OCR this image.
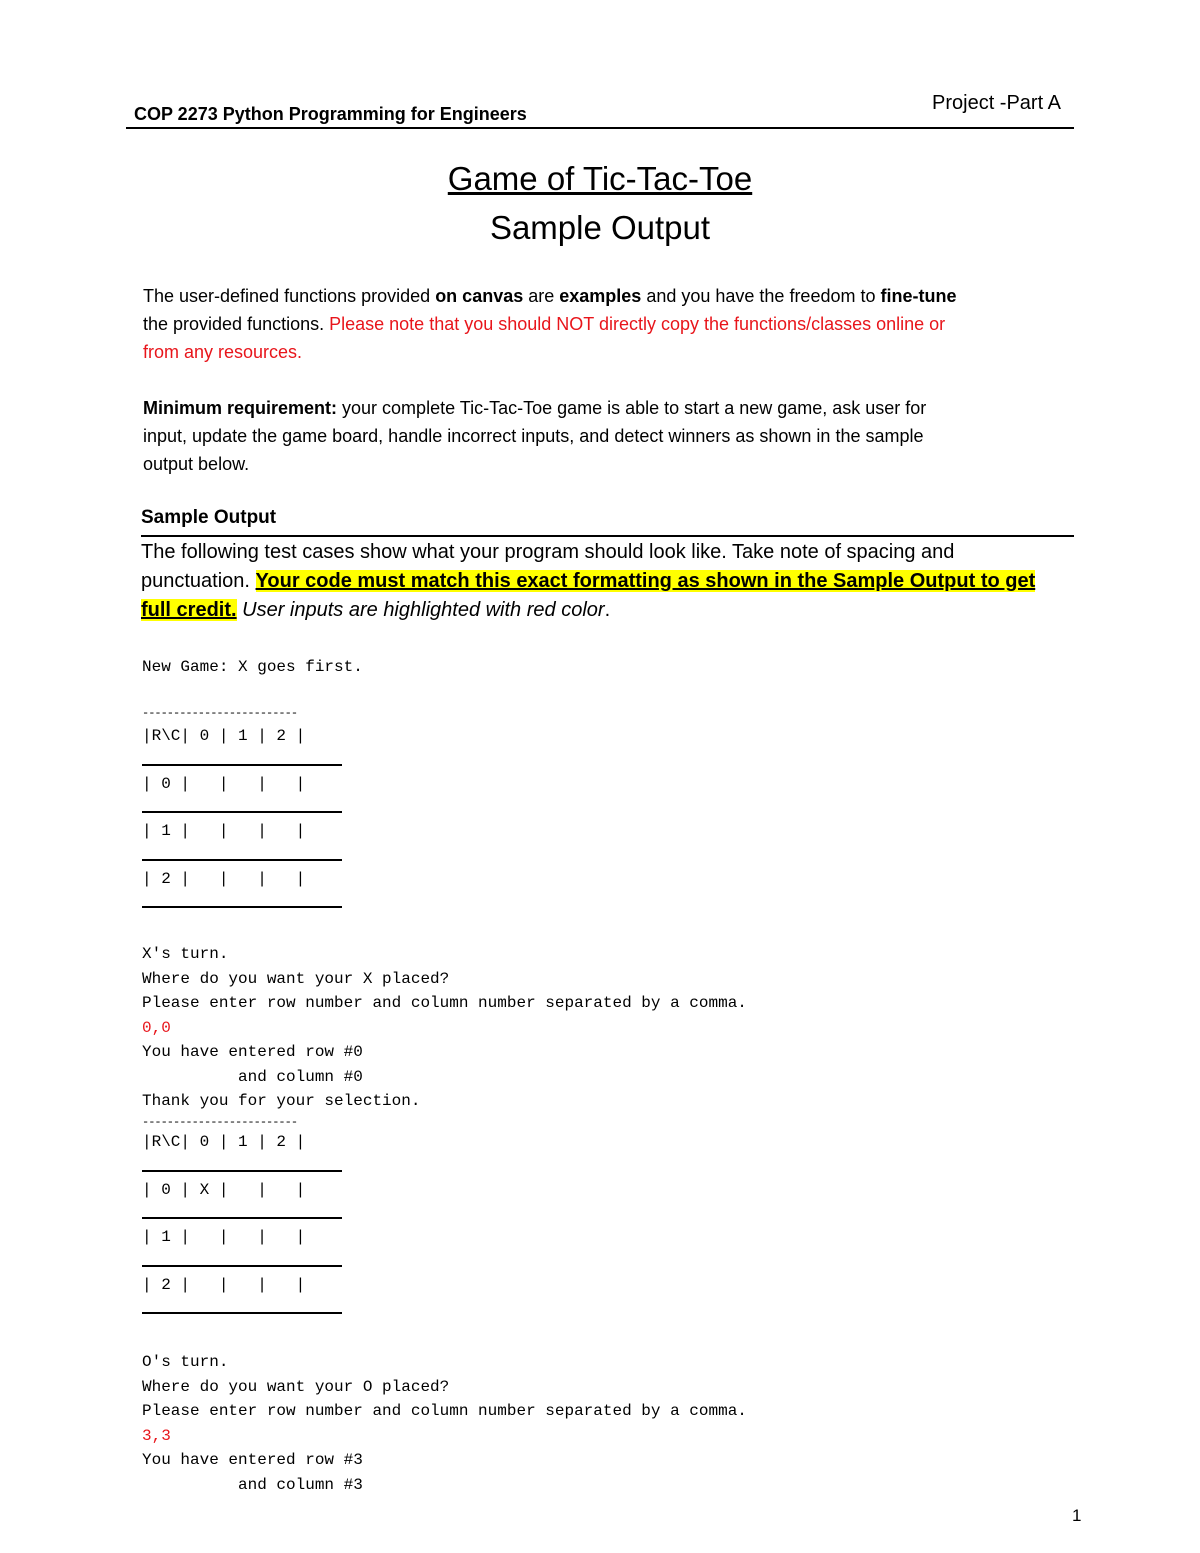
COP 2273 Python Programming for Engineers	Project -Part A
Game of Tic-Tac-Toe
Sample Output
The user-defined functions provided on canvas are examples and you have the freedom to fine-tune
the provided functions. Please note that you should NOT directly copy the functions/classes online or
from any resources.
Minimum requirement: your complete Tic-Tac-Toe game is able to start a new game, ask user for
input, update the game board, handle incorrect inputs, and detect winners as shown in the sample
output below.
Sample Output
The following test cases show what your program should look like. Take note of spacing and
punctuation. Your code must match this exact formatting as shown in the Sample Output to get
full credit. User inputs are highlighted with red color.
New Game: X goes first.
-------------------------
|R\C| 0 | 1 | 2 |
| 0 |   |   |   |
| 1 |   |   |   |
| 2 |   |   |   |
X's turn.
Where do you want your X placed?
Please enter row number and column number separated by a comma.
0,0
You have entered row #0
and column #0
Thank you for your selection.
-------------------------
|R\C| 0 | 1 | 2 |
| 0 | X |   |   |
| 1 |   |   |   |
| 2 |   |   |   |
O's turn.
Where do you want your O placed?
Please enter row number and column number separated by a comma.
3,3
You have entered row #3
and column #3
1
